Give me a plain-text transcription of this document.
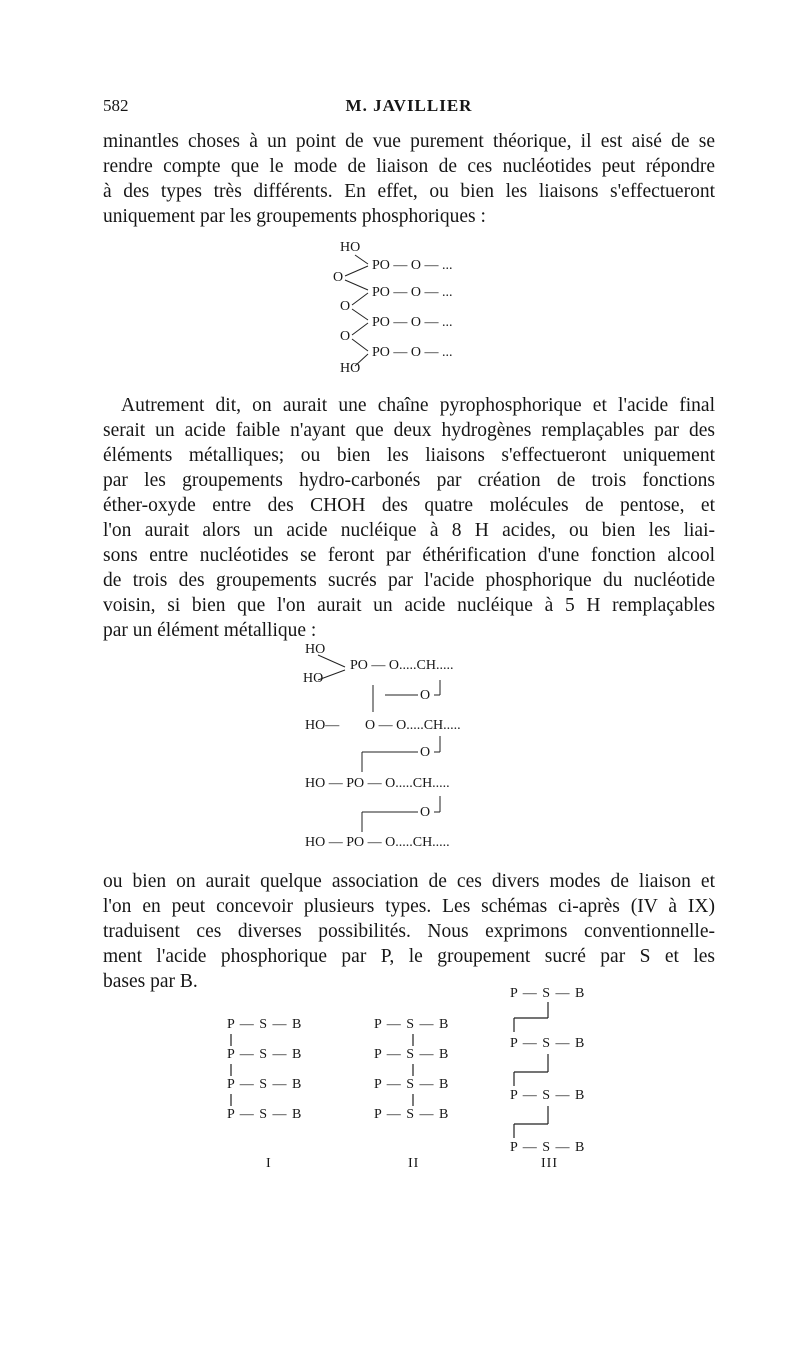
582	M. JAVILLIER
minantles choses à un point de vue purement théorique, il est aisé de se
rendre compte que le mode de liaison de ces nucléotides peut répondre
à des types très différents. En effet, ou bien les liaisons s'effectueront
uniquement par les groupements phosphoriques :
HO
PO — O — ...
O
PO — O — ...
O
PO — O — ...
O
PO — O — ...
HO
Autrement dit, on aurait une chaîne pyrophosphorique et l'acide final
serait un acide faible n'ayant que deux hydrogènes remplaçables par des
éléments métalliques; ou bien les liaisons s'effectueront uniquement
par les groupements hydro-carbonés par création de trois fonctions
éther-oxyde entre des CHOH des quatre molécules de pentose, et
l'on aurait alors un acide nucléique à 8 H acides, ou bien les liai-
sons entre nucléotides se feront par éthérification d'une fonction alcool
de trois des groupements sucrés par l'acide phosphorique du nucléotide
voisin, si bien que l'on aurait un acide nucléique à 5 H remplaçables
par un élément métallique :
HO
PO — O.....CH.....
HO
O
HO— O — O.....CH.....
O
HO — PO — O.....CH.....
O
HO — PO — O.....CH.....
ou bien on aurait quelque association de ces divers modes de liaison et
l'on en peut concevoir plusieurs types. Les schémas ci-après (IV à IX)
traduisent ces diverses possibilités. Nous exprimons conventionnelle-
ment l'acide phosphorique par P, le groupement sucré par S et les
bases par B.
P — S — B
P — S — B
P — S — B
P — S — B
I
P — S — B
P — S — B
P — S — B
P — S — B
II
P — S — B
P — S — B
P — S — B
P — S — B
III
